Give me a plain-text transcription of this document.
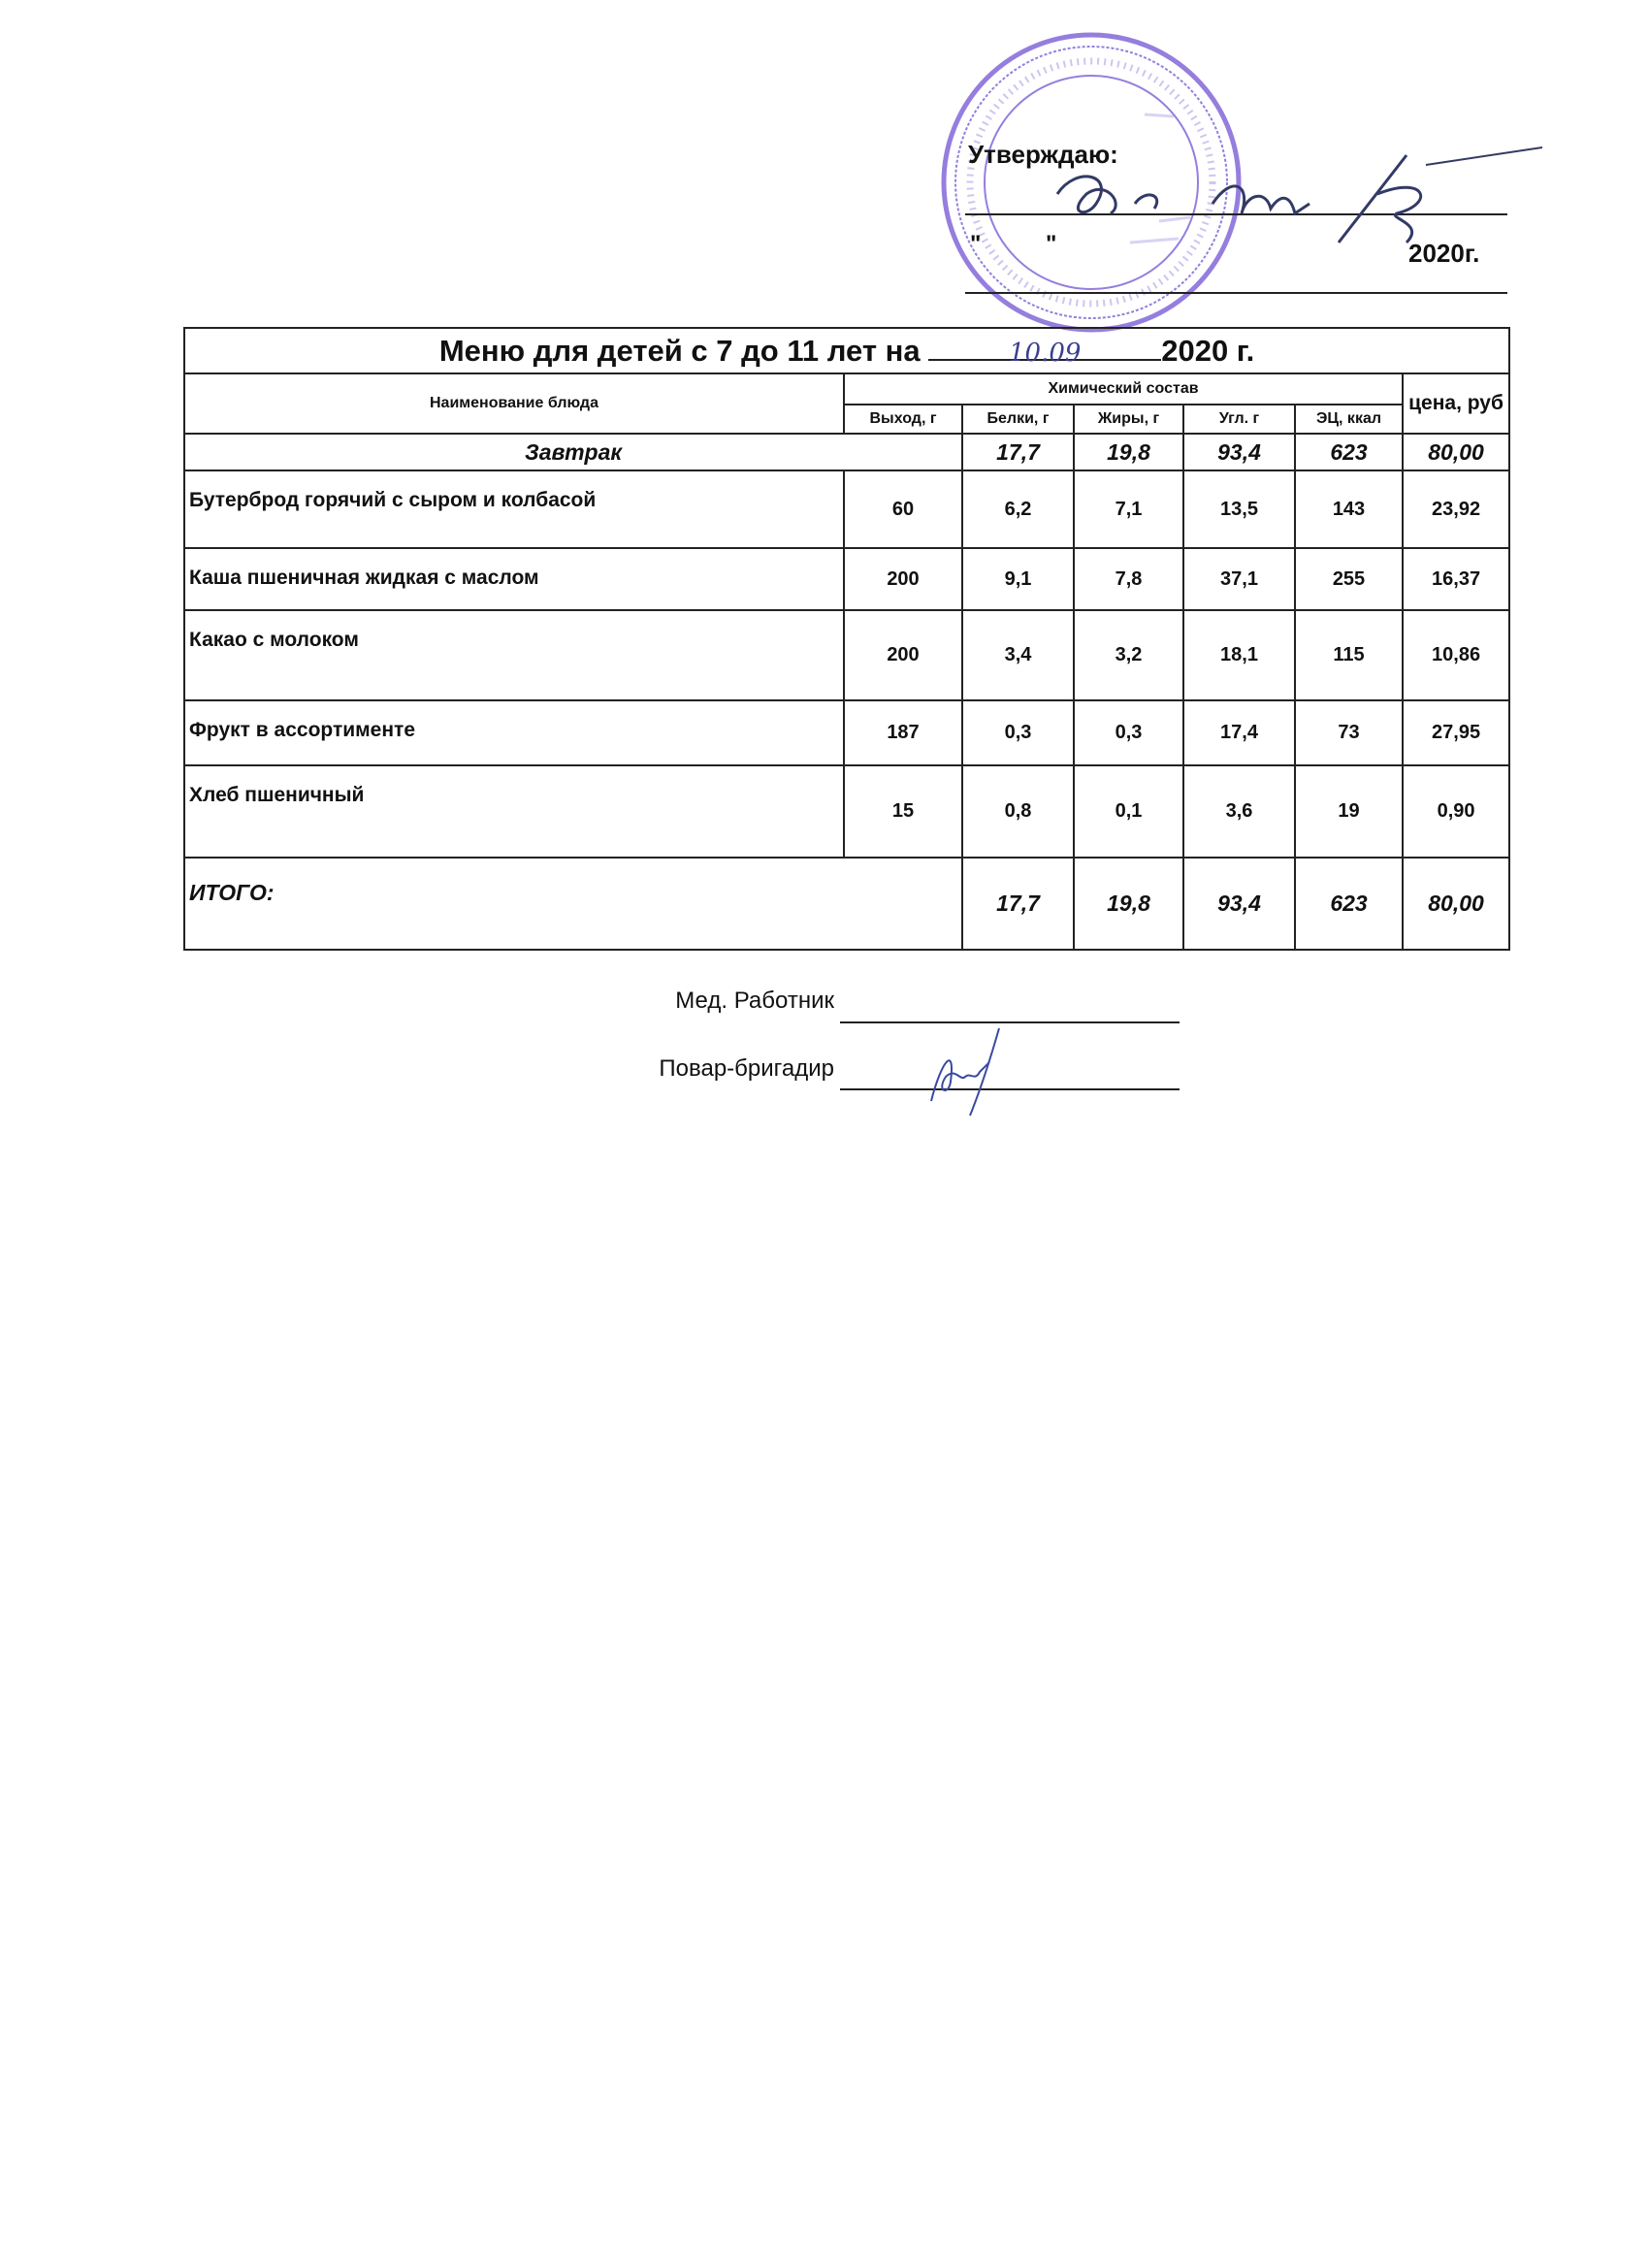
Утверждаю:
" "	2020г.
Меню для детей с 7 до 11 лет на 10.09 2020 г.						
Наименование блюда	Химический состав					цена, руб
	Выход, г	Белки, г	Жиры, г	Угл. г	ЭЦ, ккал	
Завтрак		17,7	19,8	93,4	623	80,00
Бутерброд горячий с сыром и колбасой	60	6,2	7,1	13,5	143	23,92
Каша пшеничная жидкая с маслом	200	9,1	7,8	37,1	255	16,37
Какао с молоком	200	3,4	3,2	18,1	115	10,86
Фрукт в ассортименте	187	0,3	0,3	17,4	73	27,95
Хлеб пшеничный	15	0,8	0,1	3,6	19	0,90
ИТОГО:		17,7	19,8	93,4	623	80,00
Мед. Работник
Повар-бригадир
